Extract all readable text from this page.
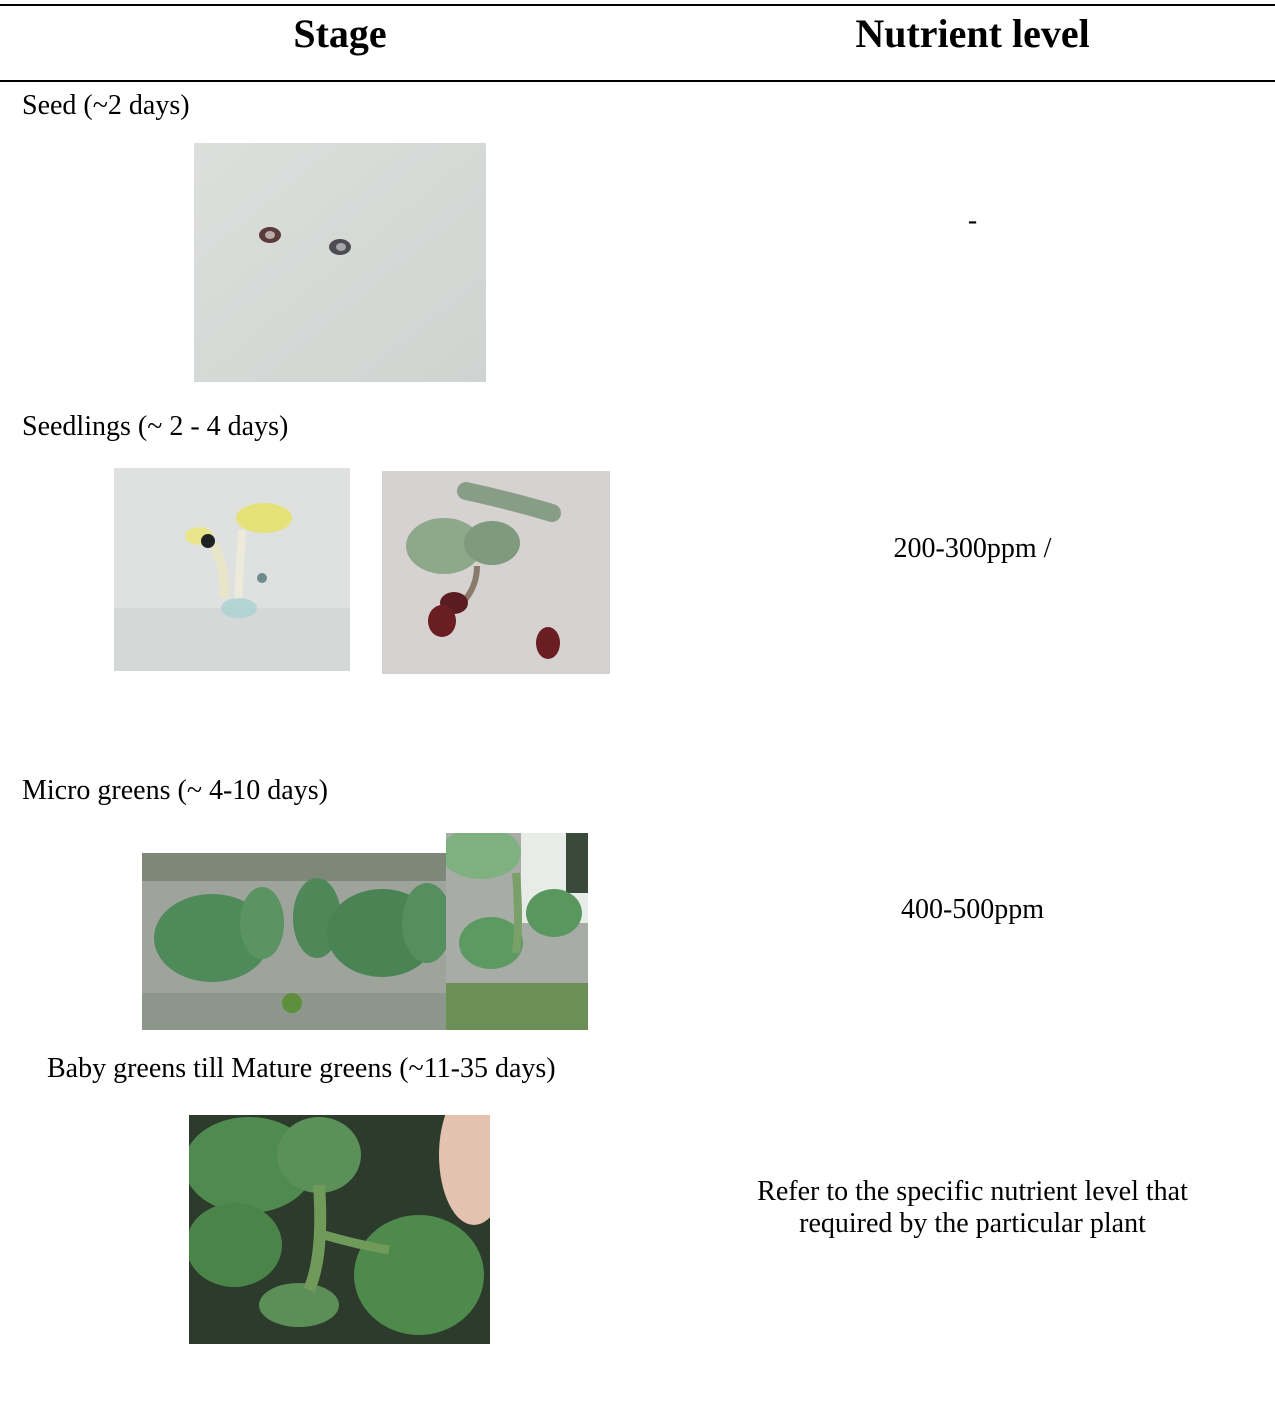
Stage	Nutrient level
Seed (~2 days)
-
Seedlings (~ 2 - 4 days)
200-300ppm /
Micro greens (~ 4-10 days)
400-500ppm
Baby greens till Mature greens (~11-35 days)
Refer to the specific nutrient level that
required by the particular plant
